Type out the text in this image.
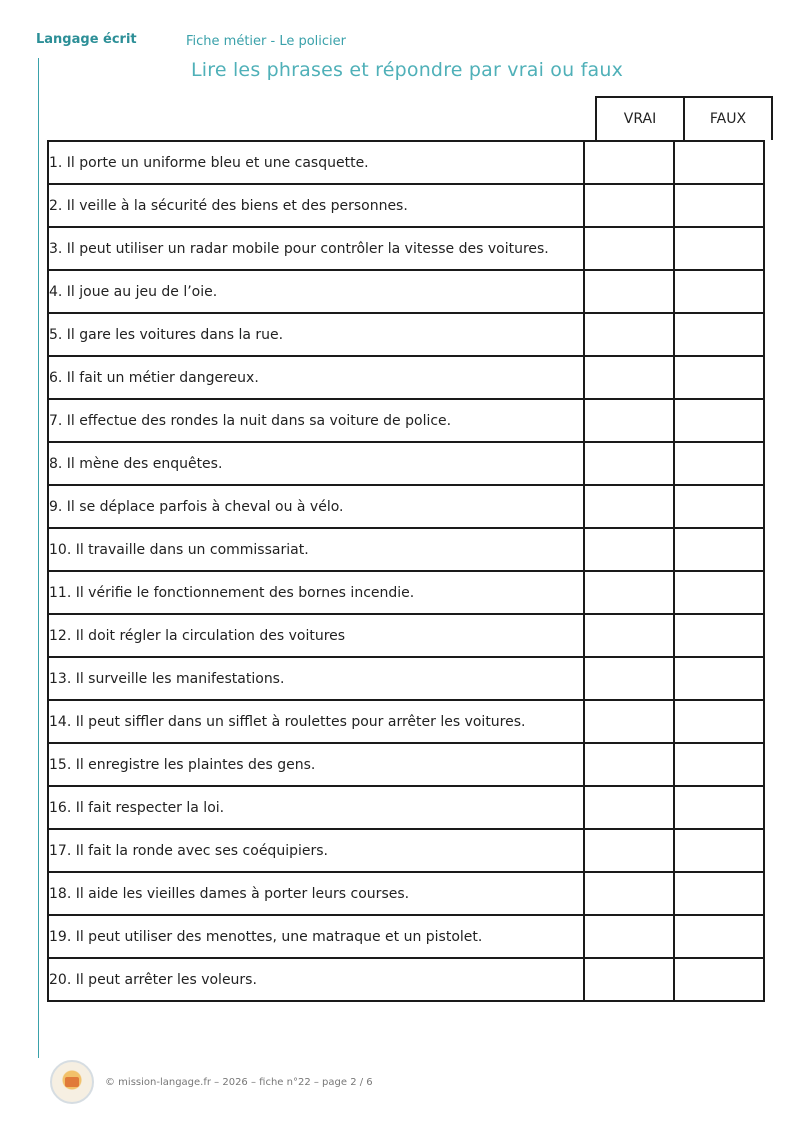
Langage écrit	Fiche métier - Le policier
Lire les phrases et répondre par vrai ou faux
VRAI	FAUX
1. Il porte un uniforme bleu et une casquette.		
2. Il veille à la sécurité des biens et des personnes.		
3. Il peut utiliser un radar mobile pour contrôler la vitesse des voitures.		
4. Il joue au jeu de l’oie.		
5. Il gare les voitures dans la rue.		
6. Il fait un métier dangereux.		
7. Il effectue des rondes la nuit dans sa voiture de police.		
8. Il mène des enquêtes.		
9. Il se déplace parfois à cheval ou à vélo.		
10. Il travaille dans un commissariat.		
11. Il vérifie le fonctionnement des bornes incendie.		
12. Il doit régler la circulation des voitures		
13. Il surveille les manifestations.		
14. Il peut siffler dans un sifflet à roulettes pour arrêter les voitures.		
15. Il enregistre les plaintes des gens.		
16. Il fait respecter la loi.		
17. Il fait la ronde avec ses coéquipiers.		
18. Il aide les vieilles dames à porter leurs courses.		
19. Il peut utiliser des menottes, une matraque et un pistolet.		
20. Il peut arrêter les voleurs.		
© mission-langage.fr – 2026 – fiche n°22 – page 2 / 6
